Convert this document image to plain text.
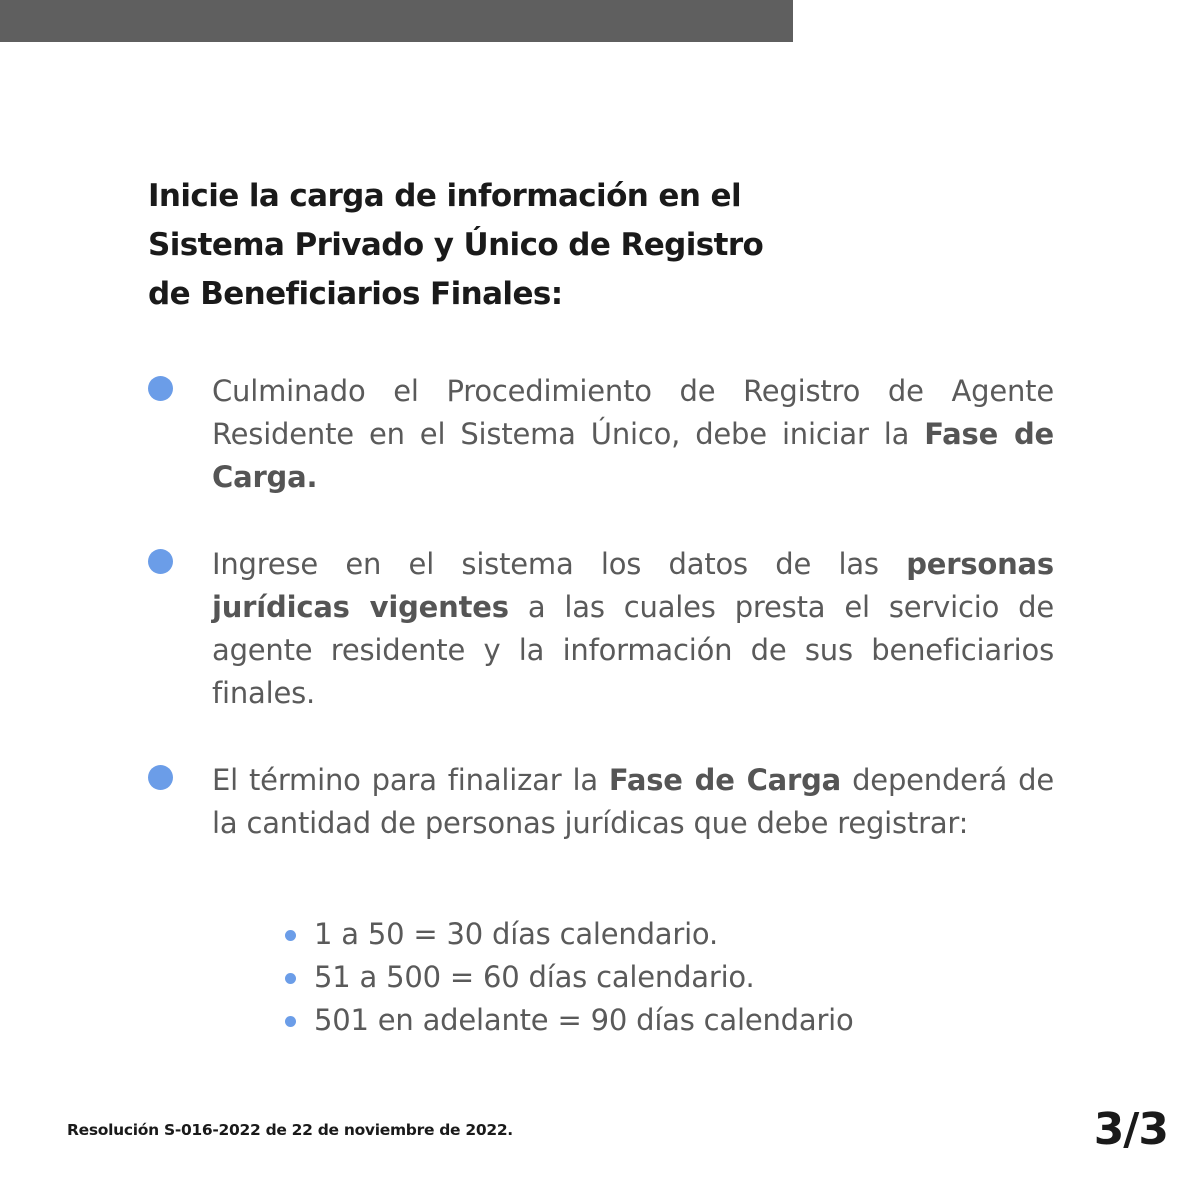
Inicie la carga de información en el
Sistema Privado y Único de Registro
de Beneficiarios Finales:

Culminado el Procedimiento de Registro de Agente Residente en el Sistema Único, debe iniciar la Fase de Carga.

Ingrese en el sistema los datos de las personas jurídicas vigentes a las cuales presta el servicio de agente residente y la información de sus beneficiarios finales.

El término para finalizar la Fase de Carga dependerá de la cantidad de personas jurídicas que debe registrar:

1 a 50 = 30 días calendario.
51 a 500 = 60 días calendario.
501 en adelante = 90 días calendario
Resolución S-016-2022 de 22 de noviembre de 2022.	3/3
